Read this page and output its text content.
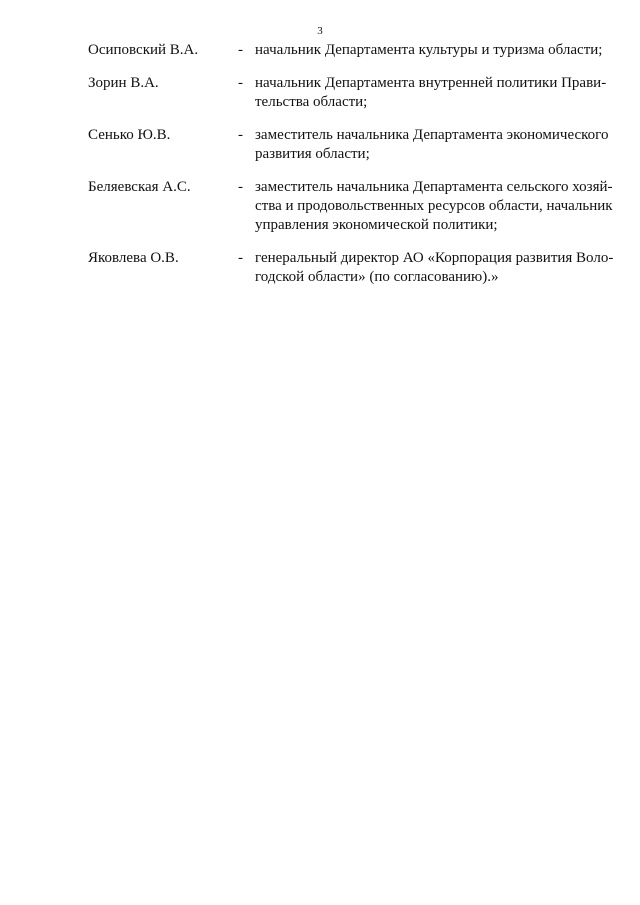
3
Осиповский В.А.	- начальник Департамента культуры и туризма области;
Зорин В.А.	- начальник Департамента внутренней политики Прави-
тельства области;
Сенько Ю.В.	- заместитель начальника Департамента экономического
развития области;
Беляевская А.С.	- заместитель начальника Департамента сельского хозяй-
ства и продовольственных ресурсов области, начальник
управления экономической политики;
Яковлева О.В.	- генеральный директор АО «Корпорация развития Воло-
годской области» (по согласованию).»
